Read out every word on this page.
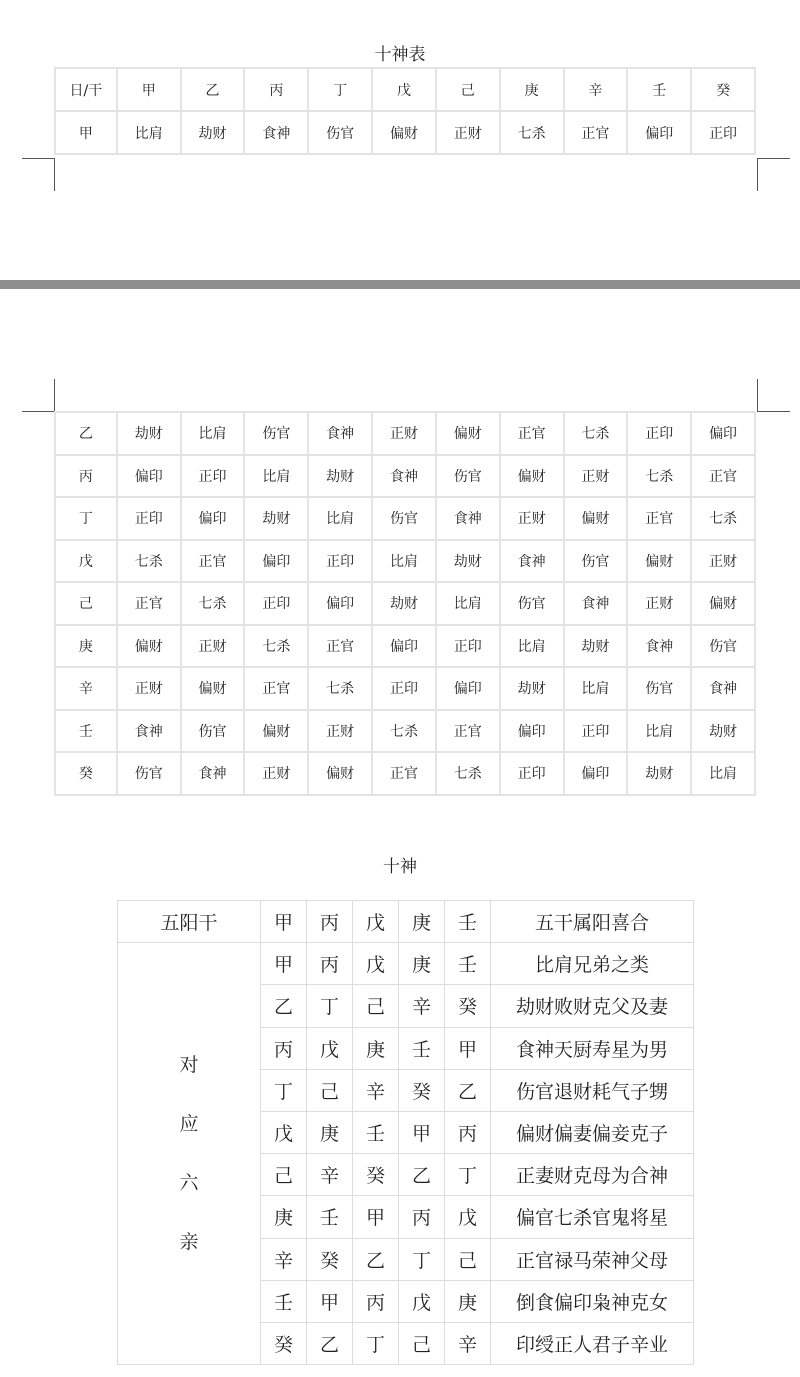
十神表
日/干	甲	乙	丙	丁	戊	己	庚	辛	壬	癸
甲	比肩	劫财	食神	伤官	偏财	正财	七杀	正官	偏印	正印
乙	劫财	比肩	伤官	食神	正财	偏财	正官	七杀	正印	偏印
丙	偏印	正印	比肩	劫财	食神	伤官	偏财	正财	七杀	正官
丁	正印	偏印	劫财	比肩	伤官	食神	正财	偏财	正官	七杀
戊	七杀	正官	偏印	正印	比肩	劫财	食神	伤官	偏财	正财
己	正官	七杀	正印	偏印	劫财	比肩	伤官	食神	正财	偏财
庚	偏财	正财	七杀	正官	偏印	正印	比肩	劫财	食神	伤官
辛	正财	偏财	正官	七杀	正印	偏印	劫财	比肩	伤官	食神
壬	食神	伤官	偏财	正财	七杀	正官	偏印	正印	比肩	劫财
癸	伤官	食神	正财	偏财	正官	七杀	正印	偏印	劫财	比肩
十神
五阳干	甲	丙	戊	庚	壬	五干属阳喜合

对
应
六
亲	甲	丙	戊	庚	壬	比肩兄弟之类
	乙	丁	己	辛	癸	劫财败财克父及妻
	丙	戊	庚	壬	甲	食神天厨寿星为男
	丁	己	辛	癸	乙	伤官退财耗气子甥
	戊	庚	壬	甲	丙	偏财偏妻偏妾克子
	己	辛	癸	乙	丁	正妻财克母为合神
	庚	壬	甲	丙	戊	偏官七杀官鬼将星
	辛	癸	乙	丁	己	正官禄马荣神父母
	壬	甲	丙	戊	庚	倒食偏印枭神克女
	癸	乙	丁	己	辛	印绶正人君子辛业
